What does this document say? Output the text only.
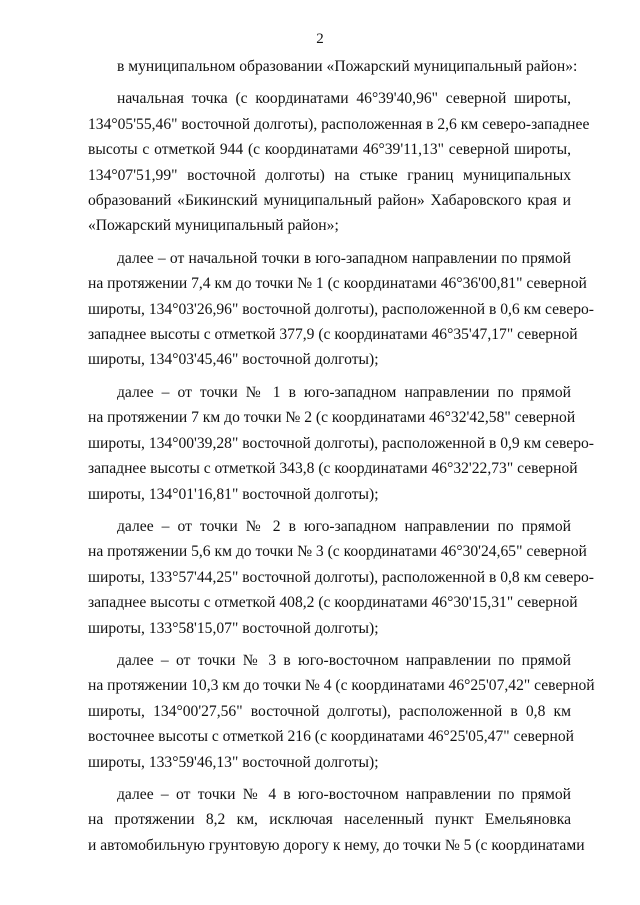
2

в муниципальном образовании «Пожарский муниципальный район»:

начальная точка (с координатами 46°39'40,96" северной широты,
134°05'55,46" восточной долготы), расположенная в 2,6 км северо-западнее
высоты с отметкой 944 (с координатами 46°39'11,13" северной широты,
134°07'51,99" восточной долготы) на стыке границ муниципальных
образований «Бикинский муниципальный район» Хабаровского края и
«Пожарский муниципальный район»;

далее – от начальной точки в юго-западном направлении по прямой
на протяжении 7,4 км до точки № 1 (с координатами 46°36'00,81" северной
широты, 134°03'26,96" восточной долготы), расположенной в 0,6 км северо-
западнее высоты с отметкой 377,9 (с координатами 46°35'47,17" северной
широты, 134°03'45,46" восточной долготы);

далее – от точки № 1 в юго-западном направлении по прямой
на протяжении 7 км до точки № 2 (с координатами 46°32'42,58" северной
широты, 134°00'39,28" восточной долготы), расположенной в 0,9 км северо-
западнее высоты с отметкой 343,8 (с координатами 46°32'22,73" северной
широты, 134°01'16,81" восточной долготы);

далее – от точки № 2 в юго-западном направлении по прямой
на протяжении 5,6 км до точки № 3 (с координатами 46°30'24,65" северной
широты, 133°57'44,25" восточной долготы), расположенной в 0,8 км северо-
западнее высоты с отметкой 408,2 (с координатами 46°30'15,31" северной
широты, 133°58'15,07" восточной долготы);

далее – от точки № 3 в юго-восточном направлении по прямой
на протяжении 10,3 км до точки № 4 (с координатами 46°25'07,42" северной
широты, 134°00'27,56" восточной долготы), расположенной в 0,8 км
восточнее высоты с отметкой 216 (с координатами 46°25'05,47" северной
широты, 133°59'46,13" восточной долготы);

далее – от точки № 4 в юго-восточном направлении по прямой
на протяжении 8,2 км, исключая населенный пункт Емельяновка
и автомобильную грунтовую дорогу к нему, до точки № 5 (с координатами
